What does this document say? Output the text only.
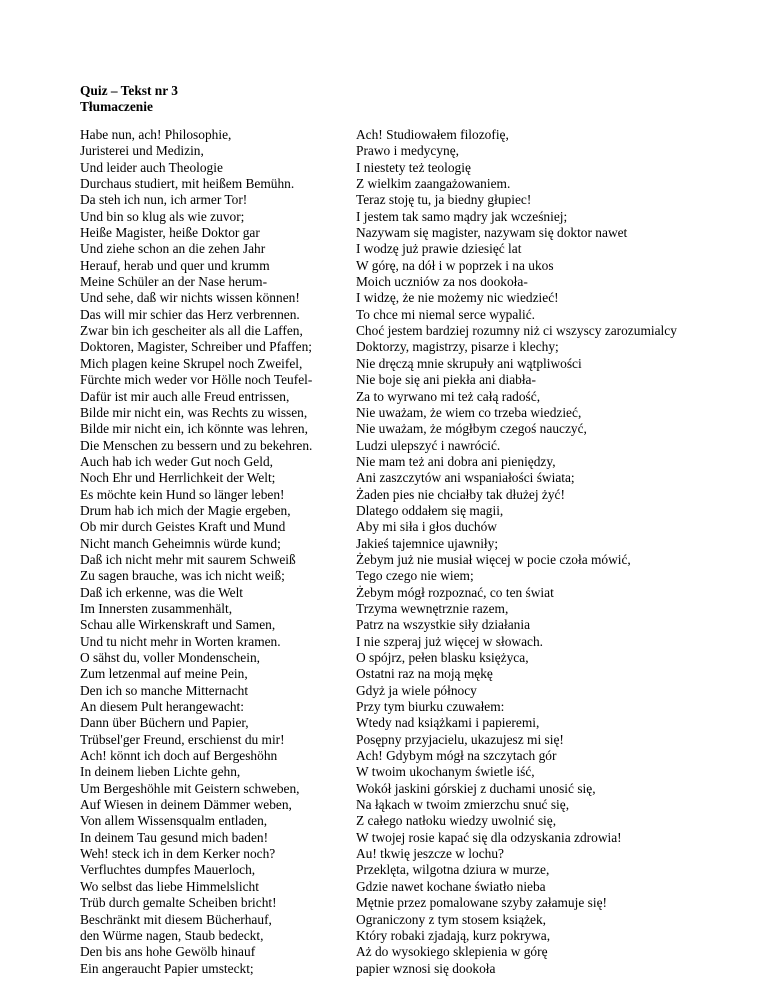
Quiz – Tekst nr 3
Tłumaczenie
Habe nun, ach! Philosophie,
Juristerei und Medizin,
Und leider auch Theologie
Durchaus studiert, mit heißem Bemühn.
Da steh ich nun, ich armer Tor!
Und bin so klug als wie zuvor;
Heiße Magister, heiße Doktor gar
Und ziehe schon an die zehen Jahr
Herauf, herab und quer und krumm
Meine Schüler an der Nase herum-
Und sehe, daß wir nichts wissen können!
Das will mir schier das Herz verbrennen.
Zwar bin ich gescheiter als all die Laffen,
Doktoren, Magister, Schreiber und Pfaffen;
Mich plagen keine Skrupel noch Zweifel,
Fürchte mich weder vor Hölle noch Teufel-
Dafür ist mir auch alle Freud entrissen,
Bilde mir nicht ein, was Rechts zu wissen,
Bilde mir nicht ein, ich könnte was lehren,
Die Menschen zu bessern und zu bekehren.
Auch hab ich weder Gut noch Geld,
Noch Ehr und Herrlichkeit der Welt;
Es möchte kein Hund so länger leben!
Drum hab ich mich der Magie ergeben,
Ob mir durch Geistes Kraft und Mund
Nicht manch Geheimnis würde kund;
Daß ich nicht mehr mit saurem Schweiß
Zu sagen brauche, was ich nicht weiß;
Daß ich erkenne, was die Welt
Im Innersten zusammenhält,
Schau alle Wirkenskraft und Samen,
Und tu nicht mehr in Worten kramen.
O sähst du, voller Mondenschein,
Zum letzenmal auf meine Pein,
Den ich so manche Mitternacht
An diesem Pult herangewacht:
Dann über Büchern und Papier,
Trübsel'ger Freund, erschienst du mir!
Ach! könnt ich doch auf Bergeshöhn
In deinem lieben Lichte gehn,
Um Bergeshöhle mit Geistern schweben,
Auf Wiesen in deinem Dämmer weben,
Von allem Wissensqualm entladen,
In deinem Tau gesund mich baden!
Weh! steck ich in dem Kerker noch?
Verfluchtes dumpfes Mauerloch,
Wo selbst das liebe Himmelslicht
Trüb durch gemalte Scheiben bricht!
Beschränkt mit diesem Bücherhauf,
den Würme nagen, Staub bedeckt,
Den bis ans hohe Gewölb hinauf
Ein angeraucht Papier umsteckt;
Ach! Studiowałem filozofię,
Prawo i medycynę,
I niestety też teologię
Z wielkim zaangażowaniem.
Teraz stoję tu, ja biedny głupiec!
I jestem tak samo mądry jak wcześniej;
Nazywam się magister, nazywam się doktor nawet
I wodzę już prawie dziesięć lat
W górę, na dół i w poprzek i na ukos
Moich uczniów za nos dookoła-
I widzę, że nie możemy nic wiedzieć!
To chce mi niemal serce wypalić.
Choć jestem bardziej rozumny niż ci wszyscy zarozumialcy
Doktorzy, magistrzy, pisarze i klechy;
Nie dręczą mnie skrupuły ani wątpliwości
Nie boje się ani piekła ani diabła-
Za to wyrwano mi też całą radość,
Nie uważam, że wiem co trzeba wiedzieć,
Nie uważam, że mógłbym czegoś nauczyć,
Ludzi ulepszyć i nawrócić.
Nie mam też ani dobra ani pieniędzy,
Ani zaszczytów ani wspaniałości świata;
Żaden pies nie chciałby tak dłużej żyć!
Dlatego oddałem się magii,
Aby mi siła i głos duchów
Jakieś tajemnice ujawniły;
Żebym już nie musiał więcej w pocie czoła mówić,
Tego czego nie wiem;
Żebym mógł rozpoznać, co ten świat
Trzyma wewnętrznie razem,
Patrz na wszystkie siły działania
I nie szperaj już więcej w słowach.
O spójrz, pełen blasku księżyca,
Ostatni raz na moją mękę
Gdyż ja wiele północy
Przy tym biurku czuwałem:
Wtedy nad książkami i papieremi,
Posępny przyjacielu, ukazujesz mi się!
Ach! Gdybym mógł na szczytach gór
W twoim ukochanym świetle iść,
Wokół jaskini górskiej z duchami unosić się,
Na łąkach w twoim zmierzchu snuć się,
Z całego natłoku wiedzy uwolnić się,
W twojej rosie kapać się dla odzyskania zdrowia!
Au! tkwię jeszcze w lochu?
Przeklęta, wilgotna dziura w murze,
Gdzie nawet kochane światło nieba
Mętnie przez pomalowane szyby załamuje się!
Ograniczony z tym stosem książek,
Który robaki zjadają, kurz pokrywa,
Aż do wysokiego sklepienia w górę
papier wznosi się dookoła
